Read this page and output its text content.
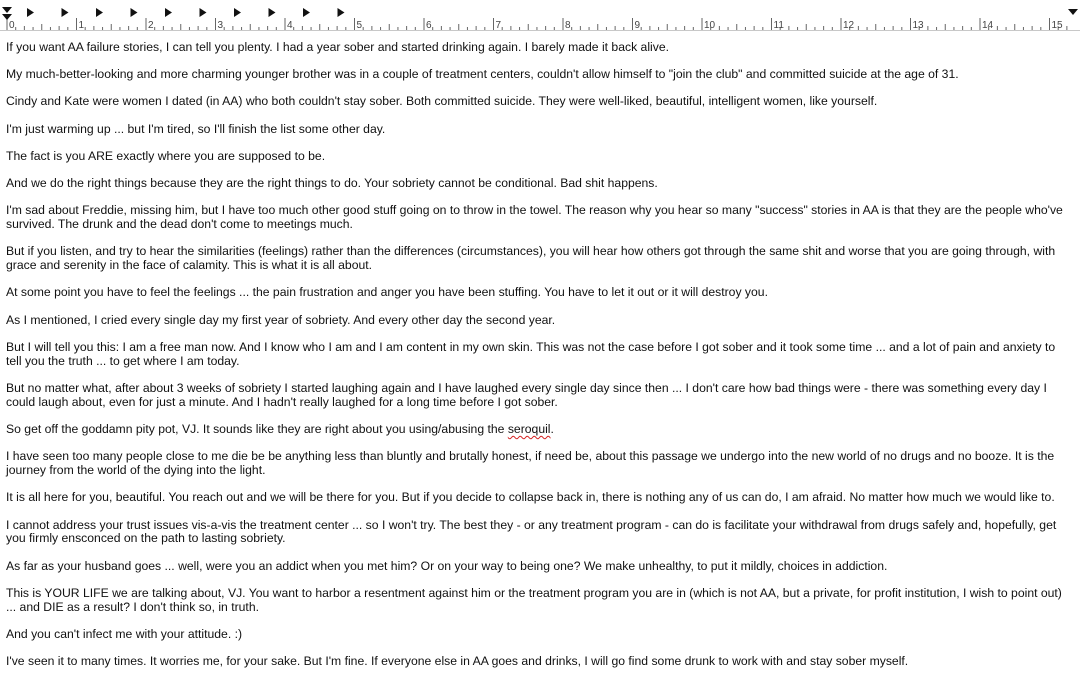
0	1	2	3	4	5	6	7	8	9	10	11	12	13	14	15

If you want AA failure stories, I can tell you plenty. I had a year sober and started drinking again. I barely made it back alive.

My much-better-looking and more charming younger brother was in a couple of treatment centers, couldn't allow himself to "join the club" and committed suicide at the age of 31.

Cindy and Kate were women I dated (in AA) who both couldn't stay sober. Both committed suicide. They were well-liked, beautiful, intelligent women, like yourself.

I'm just warming up ... but I'm tired, so I'll finish the list some other day.

The fact is you ARE exactly where you are supposed to be.

And we do the right things because they are the right things to do. Your sobriety cannot be conditional. Bad shit happens.

I'm sad about Freddie, missing him, but I have too much other good stuff going on to throw in the towel. The reason why you hear so many "success" stories in AA is that they are the people who've survived. The drunk and the dead don't come to meetings much.

But if you listen, and try to hear the similarities (feelings) rather than the differences (circumstances), you will hear how others got through the same shit and worse that you are going through, with grace and serenity in the face of calamity. This is what it is all about.

At some point you have to feel the feelings ... the pain frustration and anger you have been stuffing. You have to let it out or it will destroy you.

As I mentioned, I cried every single day my first year of sobriety. And every other day the second year.

But I will tell you this: I am a free man now. And I know who I am and I am content in my own skin. This was not the case before I got sober and it took some time ... and a lot of pain and anxiety to tell you the truth ... to get where I am today.

But no matter what, after about 3 weeks of sobriety I started laughing again and I have laughed every single day since then ... I don't care how bad things were - there was something every day I could laugh about, even for just a minute. And I hadn't really laughed for a long time before I got sober.

So get off the goddamn pity pot, VJ. It sounds like they are right about you using/abusing the seroquil.

I have seen too many people close to me die be be anything less than bluntly and brutally honest, if need be, about this passage we undergo into the new world of no drugs and no booze. It is the journey from the world of the dying into the light.

It is all here for you, beautiful. You reach out and we will be there for you. But if you decide to collapse back in, there is nothing any of us can do, I am afraid. No matter how much we would like to.

I cannot address your trust issues vis-a-vis the treatment center ... so I won't try. The best they - or any treatment program - can do is facilitate your withdrawal from drugs safely and, hopefully, get you firmly ensconced on the path to lasting sobriety.

As far as your husband goes ... well, were you an addict when you met him? Or on your way to being one? We make unhealthy, to put it mildly, choices in addiction.

This is YOUR LIFE we are talking about, VJ. You want to harbor a resentment against him or the treatment program you are in (which is not AA, but a private, for profit institution, I wish to point out) ... and DIE as a result? I don't think so, in truth.

And you can't infect me with your attitude. :)

I've seen it to many times. It worries me, for your sake. But I'm fine. If everyone else in AA goes and drinks, I will go find some drunk to work with and stay sober myself.
